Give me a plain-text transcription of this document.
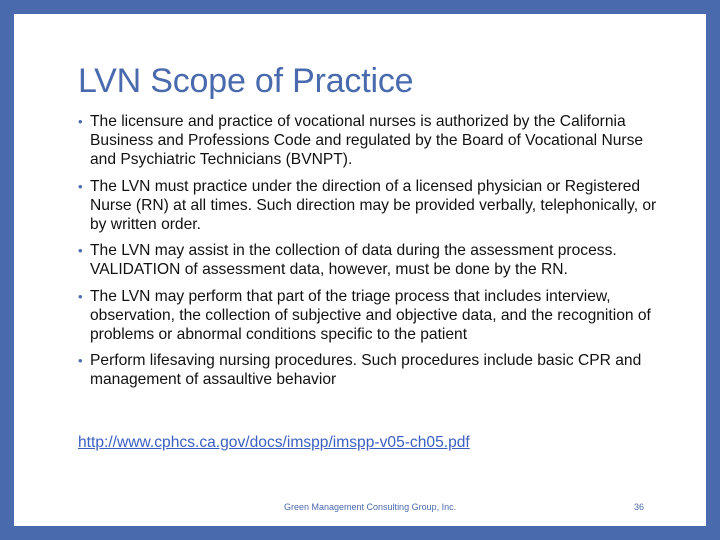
LVN Scope of Practice
• The licensure and practice of vocational nurses is authorized by the California Business and Professions Code and regulated by the Board of Vocational Nurse and Psychiatric Technicians (BVNPT).
• The LVN must practice under the direction of a licensed physician or Registered Nurse (RN) at all times. Such direction may be provided verbally, telephonically, or by written order.
• The LVN may assist in the collection of data during the assessment process. VALIDATION of assessment data, however, must be done by the RN.
• The LVN may perform that part of the triage process that includes interview, observation, the collection of subjective and objective data, and the recognition of problems or abnormal conditions specific to the patient
• Perform lifesaving nursing procedures. Such procedures include basic CPR and management of assaultive behavior
http://www.cphcs.ca.gov/docs/imspp/imspp-v05-ch05.pdf
Green Management Consulting Group, Inc.	36
